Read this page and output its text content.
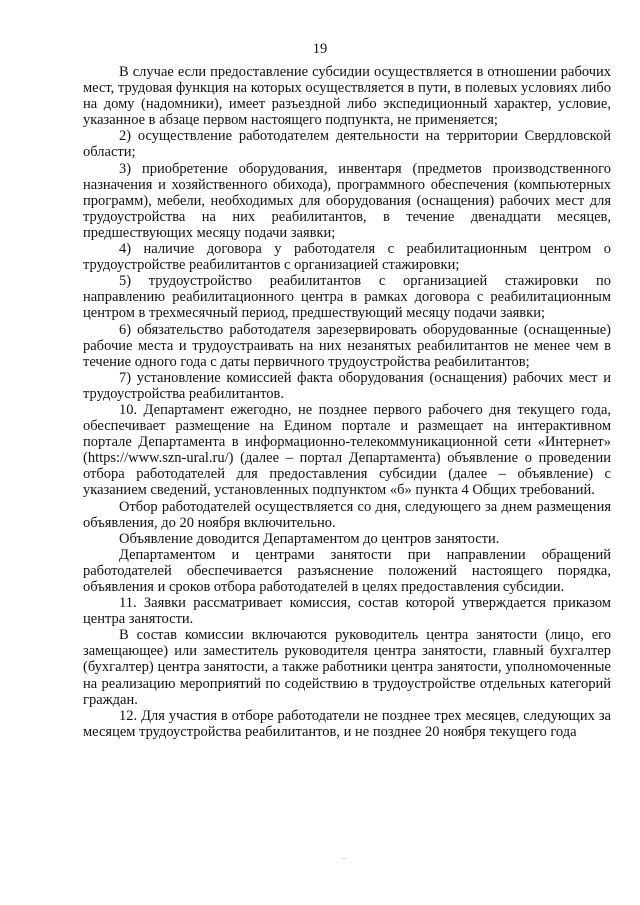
19

В случае если предоставление субсидии осуществляется в отношении рабочих мест, трудовая функция на которых осуществляется в пути, в полевых условиях либо на дому (надомники), имеет разъездной либо экспедиционный характер, условие, указанное в абзаце первом настоящего подпункта, не применяется;

2) осуществление работодателем деятельности на территории Свердловской области;

3) приобретение оборудования, инвентаря (предметов производственного назначения и хозяйственного обихода), программного обеспечения (компьютерных программ), мебели, необходимых для оборудования (оснащения) рабочих мест для трудоустройства на них реабилитантов, в течение двенадцати месяцев, предшествующих месяцу подачи заявки;

4) наличие договора у работодателя с реабилитационным центром о трудоустройстве реабилитантов с организацией стажировки;

5) трудоустройство реабилитантов с организацией стажировки по направлению реабилитационного центра в рамках договора с реабилитационным центром в трехмесячный период, предшествующий месяцу подачи заявки;

6) обязательство работодателя зарезервировать оборудованные (оснащенные) рабочие места и трудоустраивать на них незанятых реабилитантов не менее чем в течение одного года с даты первичного трудоустройства реабилитантов;

7) установление комиссией факта оборудования (оснащения) рабочих мест и трудоустройства реабилитантов.

10. Департамент ежегодно, не позднее первого рабочего дня текущего года, обеспечивает размещение на Едином портале и размещает на интерактивном портале Департамента в информационно-телекоммуникационной сети «Интернет» (https://www.szn-ural.ru/) (далее – портал Департамента) объявление о проведении отбора работодателей для предоставления субсидии (далее – объявление) с указанием сведений, установленных подпунктом «б» пункта 4 Общих требований.

Отбор работодателей осуществляется со дня, следующего за днем размещения объявления, до 20 ноября включительно.

Объявление доводится Департаментом до центров занятости.

Департаментом и центрами занятости при направлении обращений работодателей обеспечивается разъяснение положений настоящего порядка, объявления и сроков отбора работодателей в целях предоставления субсидии.

11. Заявки рассматривает комиссия, состав которой утверждается приказом центра занятости.

В состав комиссии включаются руководитель центра занятости (лицо, его замещающее) или заместитель руководителя центра занятости, главный бухгалтер (бухгалтер) центра занятости, а также работники центра занятости, уполномоченные на реализацию мероприятий по содействию в трудоустройстве отдельных категорий граждан.

12. Для участия в отборе работодатели не позднее трех месяцев, следующих за месяцем трудоустройства реабилитантов, и не позднее 20 ноября текущего года
